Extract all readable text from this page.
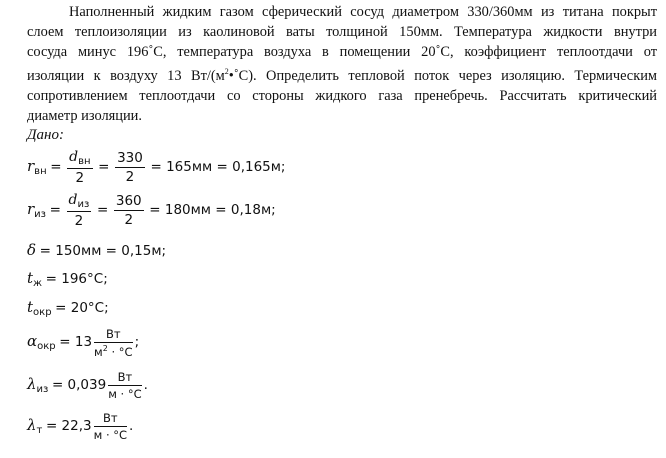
Наполненный жидким газом сферический сосуд диаметром 330/360мм из титана покрыт
слоем теплоизоляции из каолиновой ваты толщиной 150мм. Температура жидкости внутри
сосуда минус 196˚С, температура воздуха в помещении 20˚С, коэффициент теплоотдачи от
изоляции к воздуху 13 $Вт/(м^2•˚С)$. Определить тепловой поток через изоляцию. Термическим
сопротивлением теплоотдачи со стороны жидкого газа пренебречь. Рассчитать критический
диаметр изоляции.
Дано:
$r_{вн} = \frac{d_{вн}}{2} = \frac{330}{2} = 165мм = 0,165м$;
$r_{из} = \frac{d_{из}}{2} = \frac{360}{2} = 180мм = 0,18м$;
δ = 150мм = 0,15м;
$t_ж = 196^\circ С$;
$t_{окр} = 20^\circ С$;
$\alpha_{окр} = 13 \frac{Вт}{м^2 \cdot ^\circ С}$ ;
$\lambda_{из} = 0,039 \frac{Вт}{м \cdot ^\circ С}$ .
$\lambda_т = 22,3 \frac{Вт}{м \cdot ^\circ С}$ .
